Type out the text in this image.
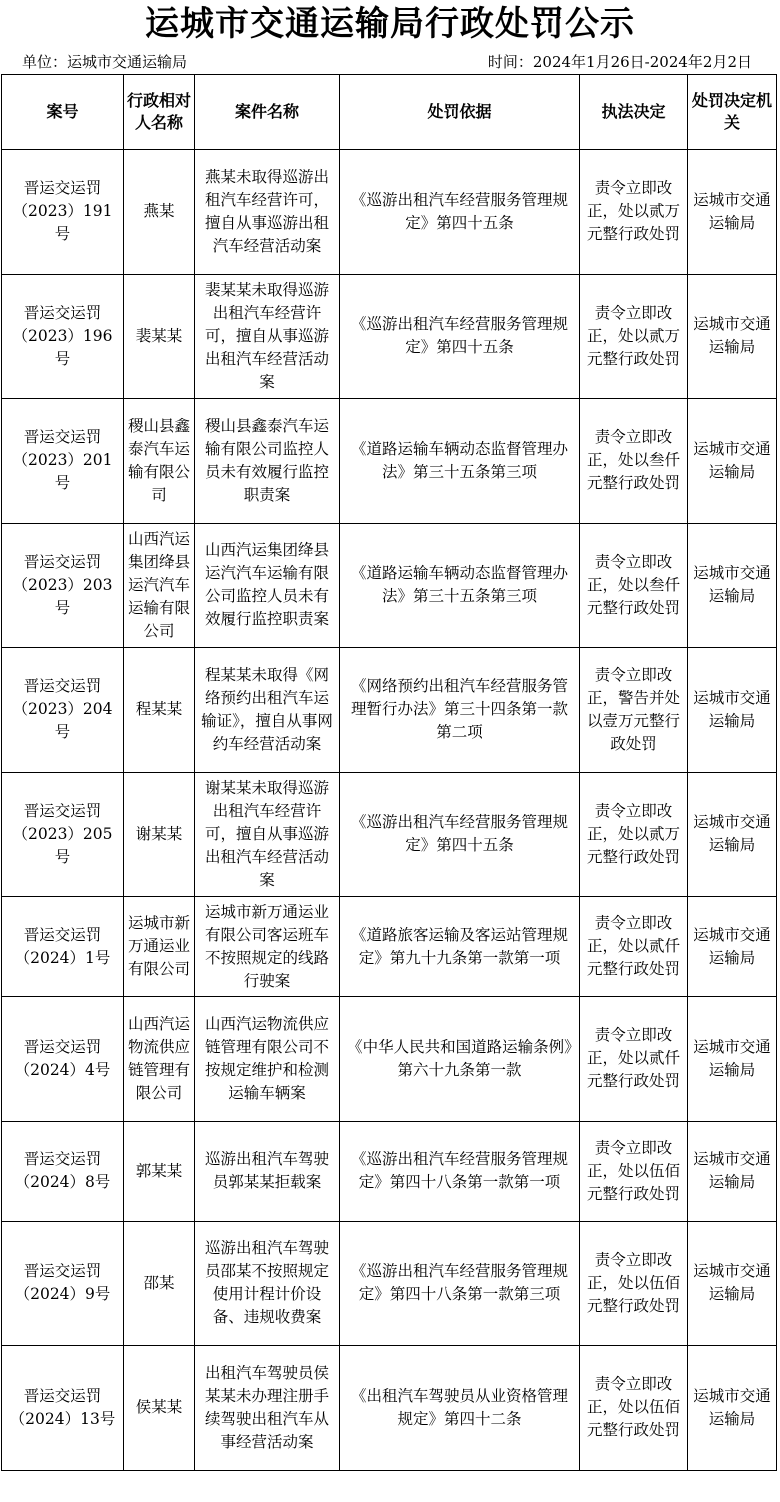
运城市交通运输局行政处罚公示
单位：运城市交通运输局	时间：2024年1月26日-2024年2月2日
案号	行政相对人名称	案件名称	处罚依据	执法决定	处罚决定机关
晋运交运罚（2023）191号	燕某	燕某未取得巡游出租汽车经营许可，擅自从事巡游出租汽车经营活动案	《巡游出租汽车经营服务管理规定》第四十五条	责令立即改正，处以贰万元整行政处罚	运城市交通运输局
晋运交运罚（2023）196号	裴某某	裴某某未取得巡游出租汽车经营许可，擅自从事巡游出租汽车经营活动案	《巡游出租汽车经营服务管理规定》第四十五条	责令立即改正，处以贰万元整行政处罚	运城市交通运输局
晋运交运罚（2023）201号	稷山县鑫泰汽车运输有限公司	稷山县鑫泰汽车运输有限公司监控人员未有效履行监控职责案	《道路运输车辆动态监督管理办法》第三十五条第三项	责令立即改正，处以叁仟元整行政处罚	运城市交通运输局
晋运交运罚（2023）203号	山西汽运集团绛县运汽汽车运输有限公司	山西汽运集团绛县运汽汽车运输有限公司监控人员未有效履行监控职责案	《道路运输车辆动态监督管理办法》第三十五条第三项	责令立即改正，处以叁仟元整行政处罚	运城市交通运输局
晋运交运罚（2023）204号	程某某	程某某未取得《网络预约出租汽车运输证》，擅自从事网约车经营活动案	《网络预约出租汽车经营服务管理暂行办法》第三十四条第一款第二项	责令立即改正，警告并处以壹万元整行政处罚	运城市交通运输局
晋运交运罚（2023）205号	谢某某	谢某某未取得巡游出租汽车经营许可，擅自从事巡游出租汽车经营活动案	《巡游出租汽车经营服务管理规定》第四十五条	责令立即改正，处以贰万元整行政处罚	运城市交通运输局
晋运交运罚（2024）1号	运城市新万通运业有限公司	运城市新万通运业有限公司客运班车不按照规定的线路行驶案	《道路旅客运输及客运站管理规定》第九十九条第一款第一项	责令立即改正，处以贰仟元整行政处罚	运城市交通运输局
晋运交运罚（2024）4号	山西汽运物流供应链管理有限公司	山西汽运物流供应链管理有限公司不按规定维护和检测运输车辆案	《中华人民共和国道路运输条例》第六十九条第一款	责令立即改正，处以贰仟元整行政处罚	运城市交通运输局
晋运交运罚（2024）8号	郭某某	巡游出租汽车驾驶员郭某某拒载案	《巡游出租汽车经营服务管理规定》第四十八条第一款第一项	责令立即改正，处以伍佰元整行政处罚	运城市交通运输局
晋运交运罚（2024）9号	邵某	巡游出租汽车驾驶员邵某不按照规定使用计程计价设备、违规收费案	《巡游出租汽车经营服务管理规定》第四十八条第一款第三项	责令立即改正，处以伍佰元整行政处罚	运城市交通运输局
晋运交运罚（2024）13号	侯某某	出租汽车驾驶员侯某某未办理注册手续驾驶出租汽车从事经营活动案	《出租汽车驾驶员从业资格管理规定》第四十二条	责令立即改正，处以伍佰元整行政处罚	运城市交通运输局
